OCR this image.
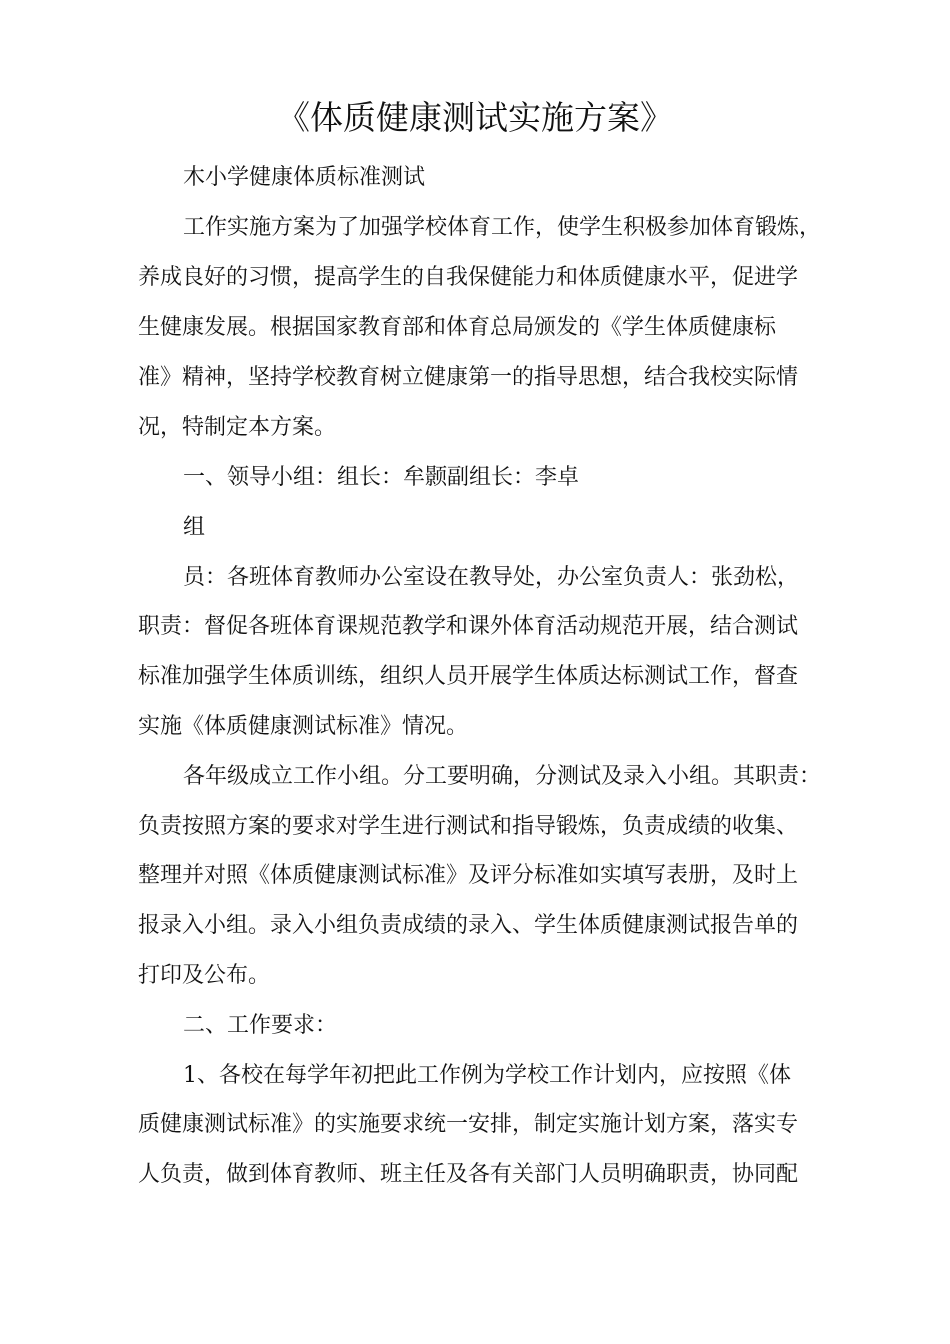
《体质健康测试实施方案》
木小学健康体质标准测试
工作实施方案为了加强学校体育工作，使学生积极参加体育锻炼，
养成良好的习惯，提高学生的自我保健能力和体质健康水平，促进学
生健康发展。根据国家教育部和体育总局颁发的《学生体质健康标
准》精神，坚持学校教育树立健康第一的指导思想，结合我校实际情
况，特制定本方案。
一、领导小组：组长：牟颢副组长：李卓
组
员：各班体育教师办公室设在教导处，办公室负责人：张劲松，
职责：督促各班体育课规范教学和课外体育活动规范开展，结合测试
标准加强学生体质训练，组织人员开展学生体质达标测试工作，督查
实施《体质健康测试标准》情况。
各年级成立工作小组。分工要明确，分测试及录入小组。其职责：
负责按照方案的要求对学生进行测试和指导锻炼，负责成绩的收集、
整理并对照《体质健康测试标准》及评分标准如实填写表册，及时上
报录入小组。录入小组负责成绩的录入、学生体质健康测试报告单的
打印及公布。
二、工作要求：
1、各校在每学年初把此工作例为学校工作计划内，应按照《体
质健康测试标准》的实施要求统一安排，制定实施计划方案，落实专
人负责，做到体育教师、班主任及各有关部门人员明确职责，协同配
